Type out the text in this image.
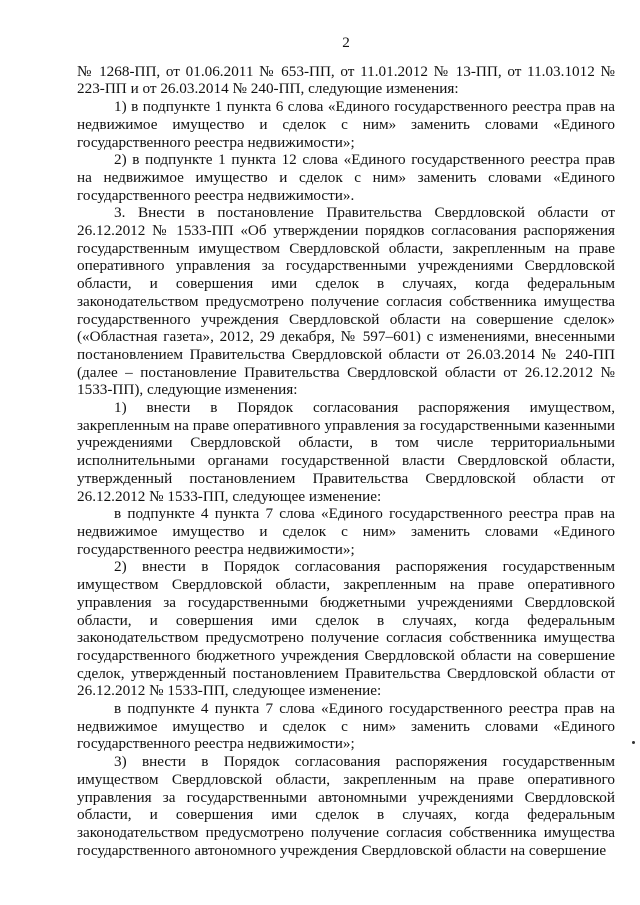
2

№ 1268-ПП, от 01.06.2011 № 653-ПП, от 11.01.2012 № 13-ПП, от 11.03.1012 № 223-ПП и от 26.03.2014 № 240-ПП, следующие изменения:

1) в подпункте 1 пункта 6 слова «Единого государственного реестра прав на недвижимое имущество и сделок с ним» заменить словами «Единого государственного реестра недвижимости»;

2) в подпункте 1 пункта 12 слова «Единого государственного реестра прав на недвижимое имущество и сделок с ним» заменить словами «Единого государственного реестра недвижимости».

3. Внести в постановление Правительства Свердловской области от 26.12.2012 № 1533-ПП «Об утверждении порядков согласования распоряжения государственным имуществом Свердловской области, закрепленным на праве оперативного управления за государственными учреждениями Свердловской области, и совершения ими сделок в случаях, когда федеральным законодательством предусмотрено получение согласия собственника имущества государственного учреждения Свердловской области на совершение сделок» («Областная газета», 2012, 29 декабря, № 597–601) с изменениями, внесенными постановлением Правительства Свердловской области от 26.03.2014 № 240-ПП (далее – постановление Правительства Свердловской области от 26.12.2012 № 1533-ПП), следующие изменения:

1) внести в Порядок согласования распоряжения имуществом, закрепленным на праве оперативного управления за государственными казенными учреждениями Свердловской области, в том числе территориальными исполнительными органами государственной власти Свердловской области, утвержденный постановлением Правительства Свердловской области от 26.12.2012 № 1533-ПП, следующее изменение:

в подпункте 4 пункта 7 слова «Единого государственного реестра прав на недвижимое имущество и сделок с ним» заменить словами «Единого государственного реестра недвижимости»;

2) внести в Порядок согласования распоряжения государственным имуществом Свердловской области, закрепленным на праве оперативного управления за государственными бюджетными учреждениями Свердловской области, и совершения ими сделок в случаях, когда федеральным законодательством предусмотрено получение согласия собственника имущества государственного бюджетного учреждения Свердловской области на совершение сделок, утвержденный постановлением Правительства Свердловской области от 26.12.2012 № 1533-ПП, следующее изменение:

в подпункте 4 пункта 7 слова «Единого государственного реестра прав на недвижимое имущество и сделок с ним» заменить словами «Единого государственного реестра недвижимости»;

3) внести в Порядок согласования распоряжения государственным имуществом Свердловской области, закрепленным на праве оперативного управления за государственными автономными учреждениями Свердловской области, и совершения ими сделок в случаях, когда федеральным законодательством предусмотрено получение согласия собственника имущества государственного автономного учреждения Свердловской области на совершение
